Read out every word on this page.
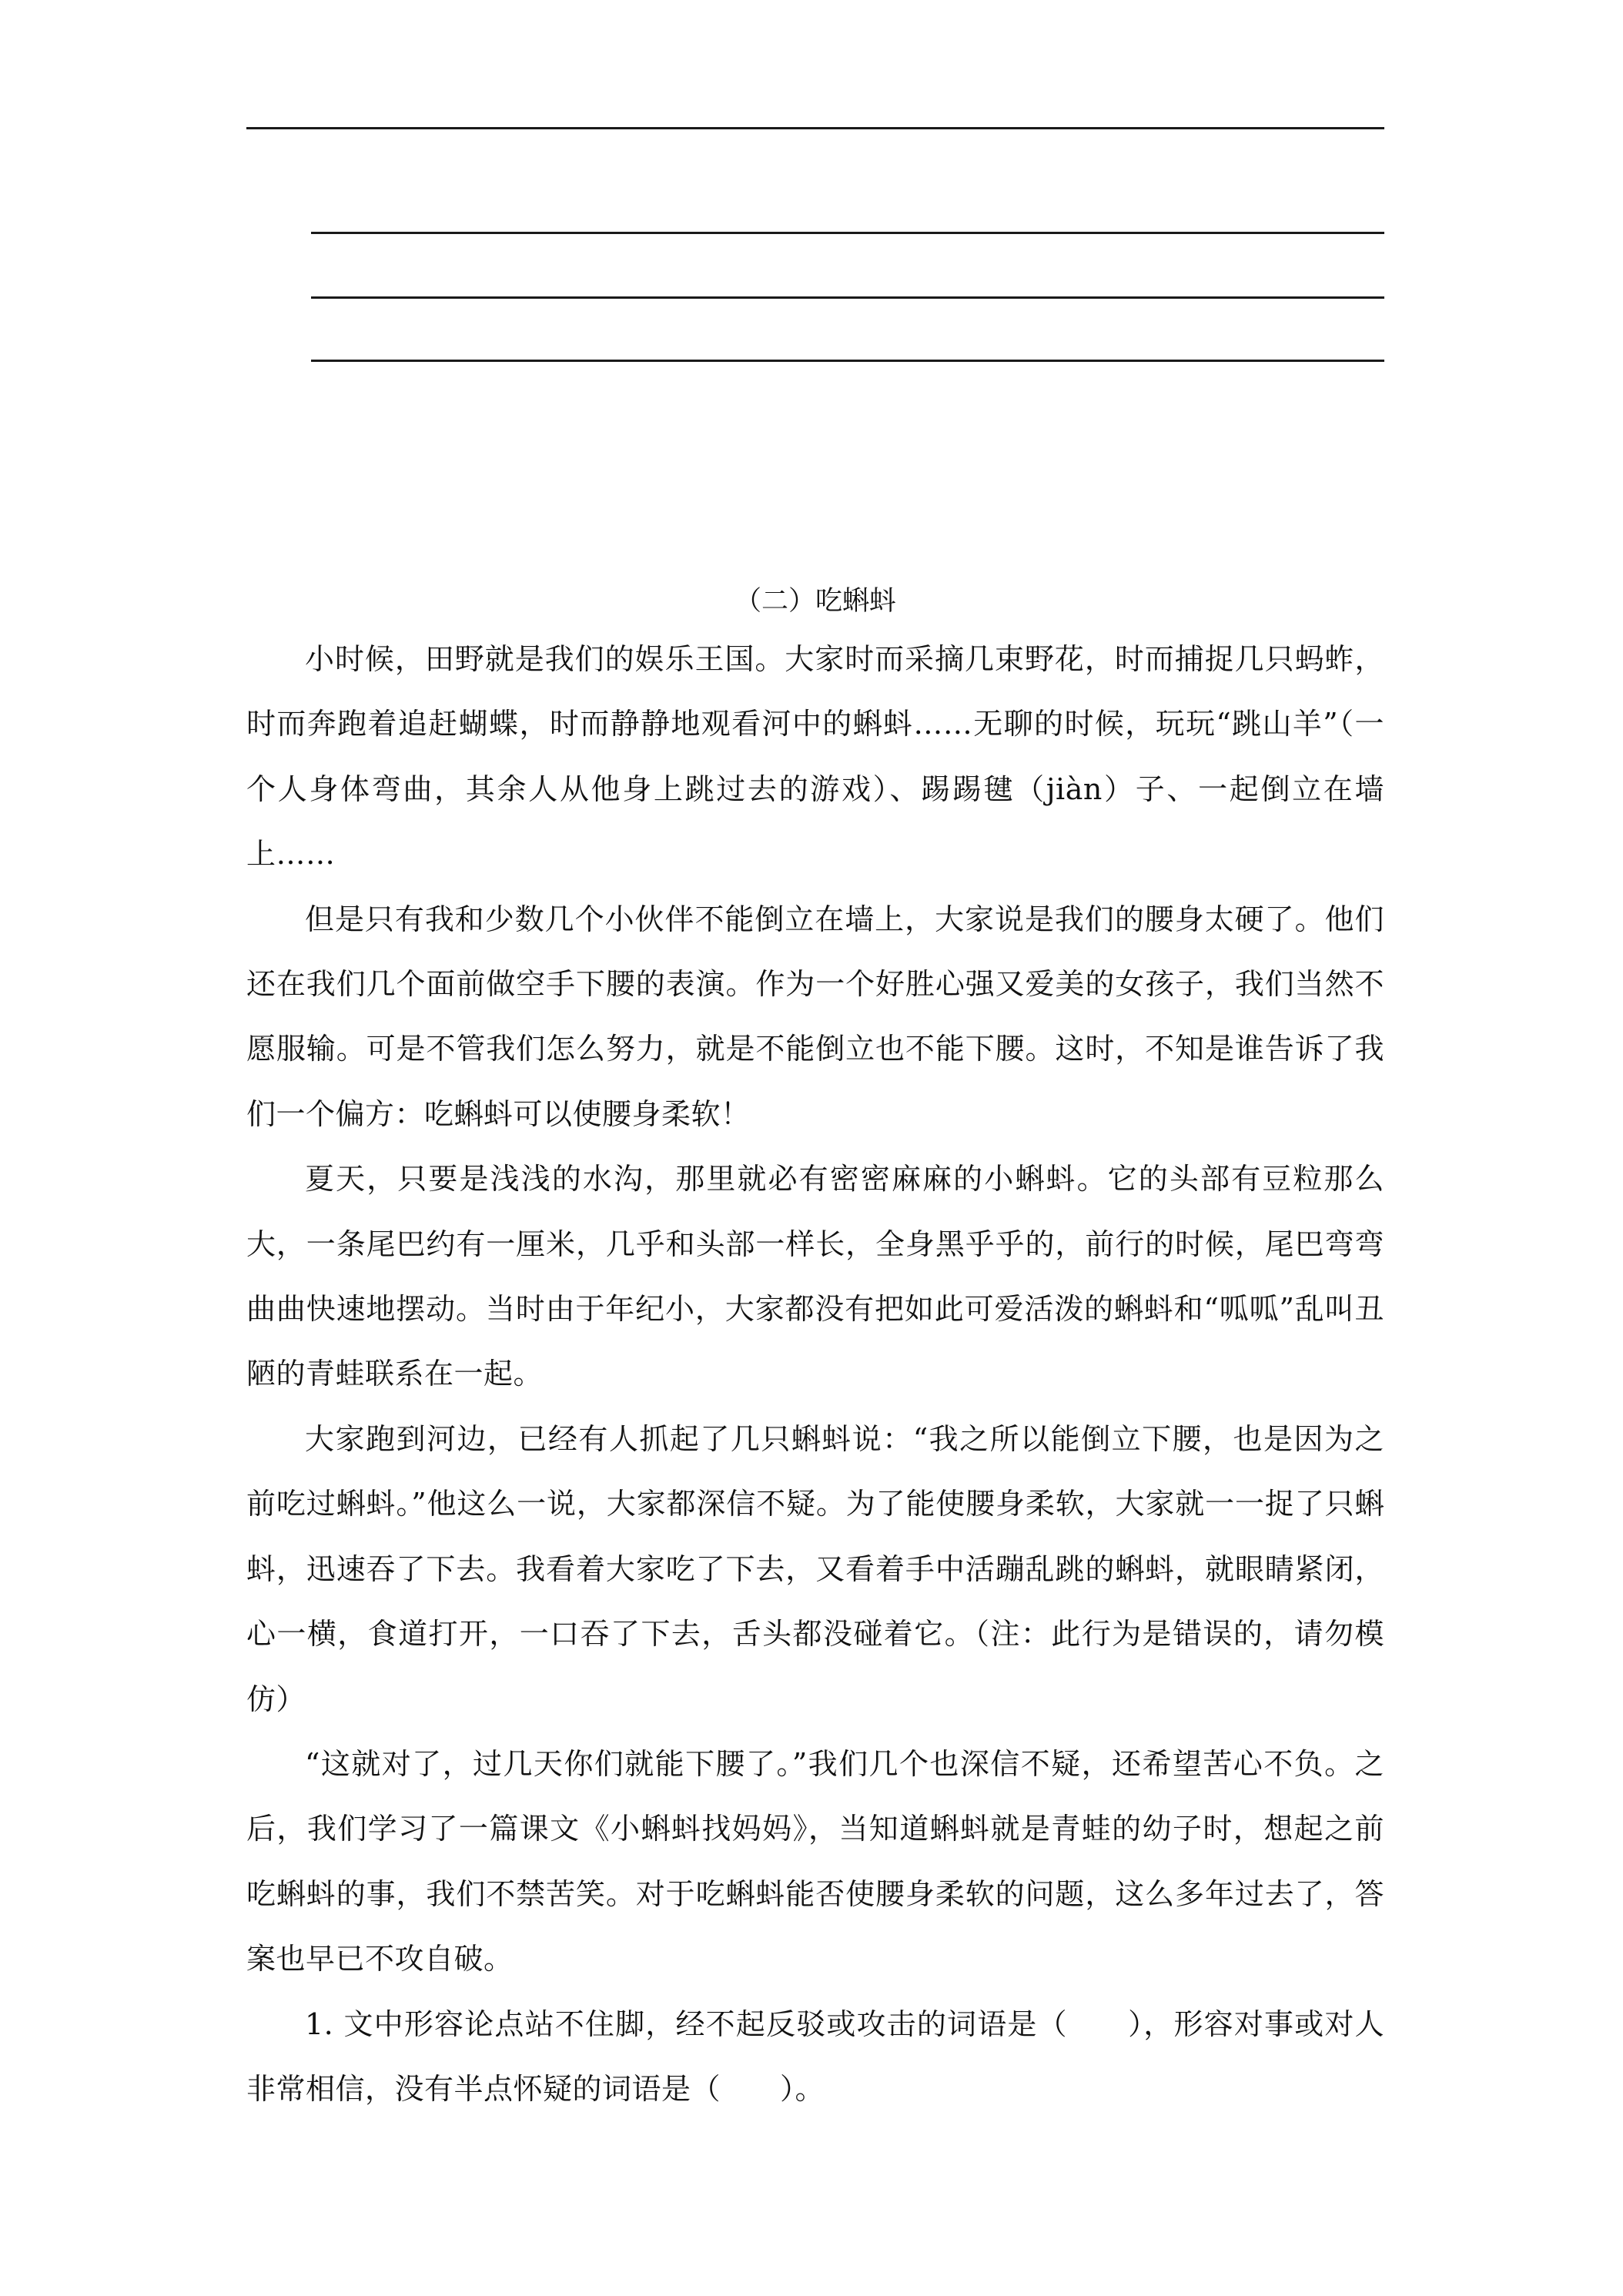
（二）吃蝌蚪

小时候，田野就是我们的娱乐王国。大家时而采摘几束野花，时而捕捉几只蚂蚱，时而奔跑着追赶蝴蝶，时而静静地观看河中的蝌蚪……无聊的时候，玩玩“跳山羊”（一个人身体弯曲，其余人从他身上跳过去的游戏）、踢踢毽（jiàn）子、一起倒立在墙上……

但是只有我和少数几个小伙伴不能倒立在墙上，大家说是我们的腰身太硬了。他们还在我们几个面前做空手下腰的表演。作为一个好胜心强又爱美的女孩子，我们当然不愿服输。可是不管我们怎么努力，就是不能倒立也不能下腰。这时，不知是谁告诉了我们一个偏方：吃蝌蚪可以使腰身柔软！

夏天，只要是浅浅的水沟，那里就必有密密麻麻的小蝌蚪。它的头部有豆粒那么大，一条尾巴约有一厘米，几乎和头部一样长，全身黑乎乎的，前行的时候，尾巴弯弯曲曲快速地摆动。当时由于年纪小，大家都没有把如此可爱活泼的蝌蚪和“呱呱”乱叫丑陋的青蛙联系在一起。

大家跑到河边，已经有人抓起了几只蝌蚪说：“我之所以能倒立下腰，也是因为之前吃过蝌蚪。”他这么一说，大家都深信不疑。为了能使腰身柔软，大家就一一捉了只蝌蚪，迅速吞了下去。我看着大家吃了下去，又看着手中活蹦乱跳的蝌蚪，就眼睛紧闭，心一横，食道打开，一口吞了下去，舌头都没碰着它。（注：此行为是错误的，请勿模仿）

“这就对了，过几天你们就能下腰了。”我们几个也深信不疑，还希望苦心不负。之后，我们学习了一篇课文《小蝌蚪找妈妈》，当知道蝌蚪就是青蛙的幼子时，想起之前吃蝌蚪的事，我们不禁苦笑。对于吃蝌蚪能否使腰身柔软的问题，这么多年过去了，答案也早已不攻自破。

1. 文中形容论点站不住脚，经不起反驳或攻击的词语是（　　），形容对事或对人非常相信，没有半点怀疑的词语是（　　）。
